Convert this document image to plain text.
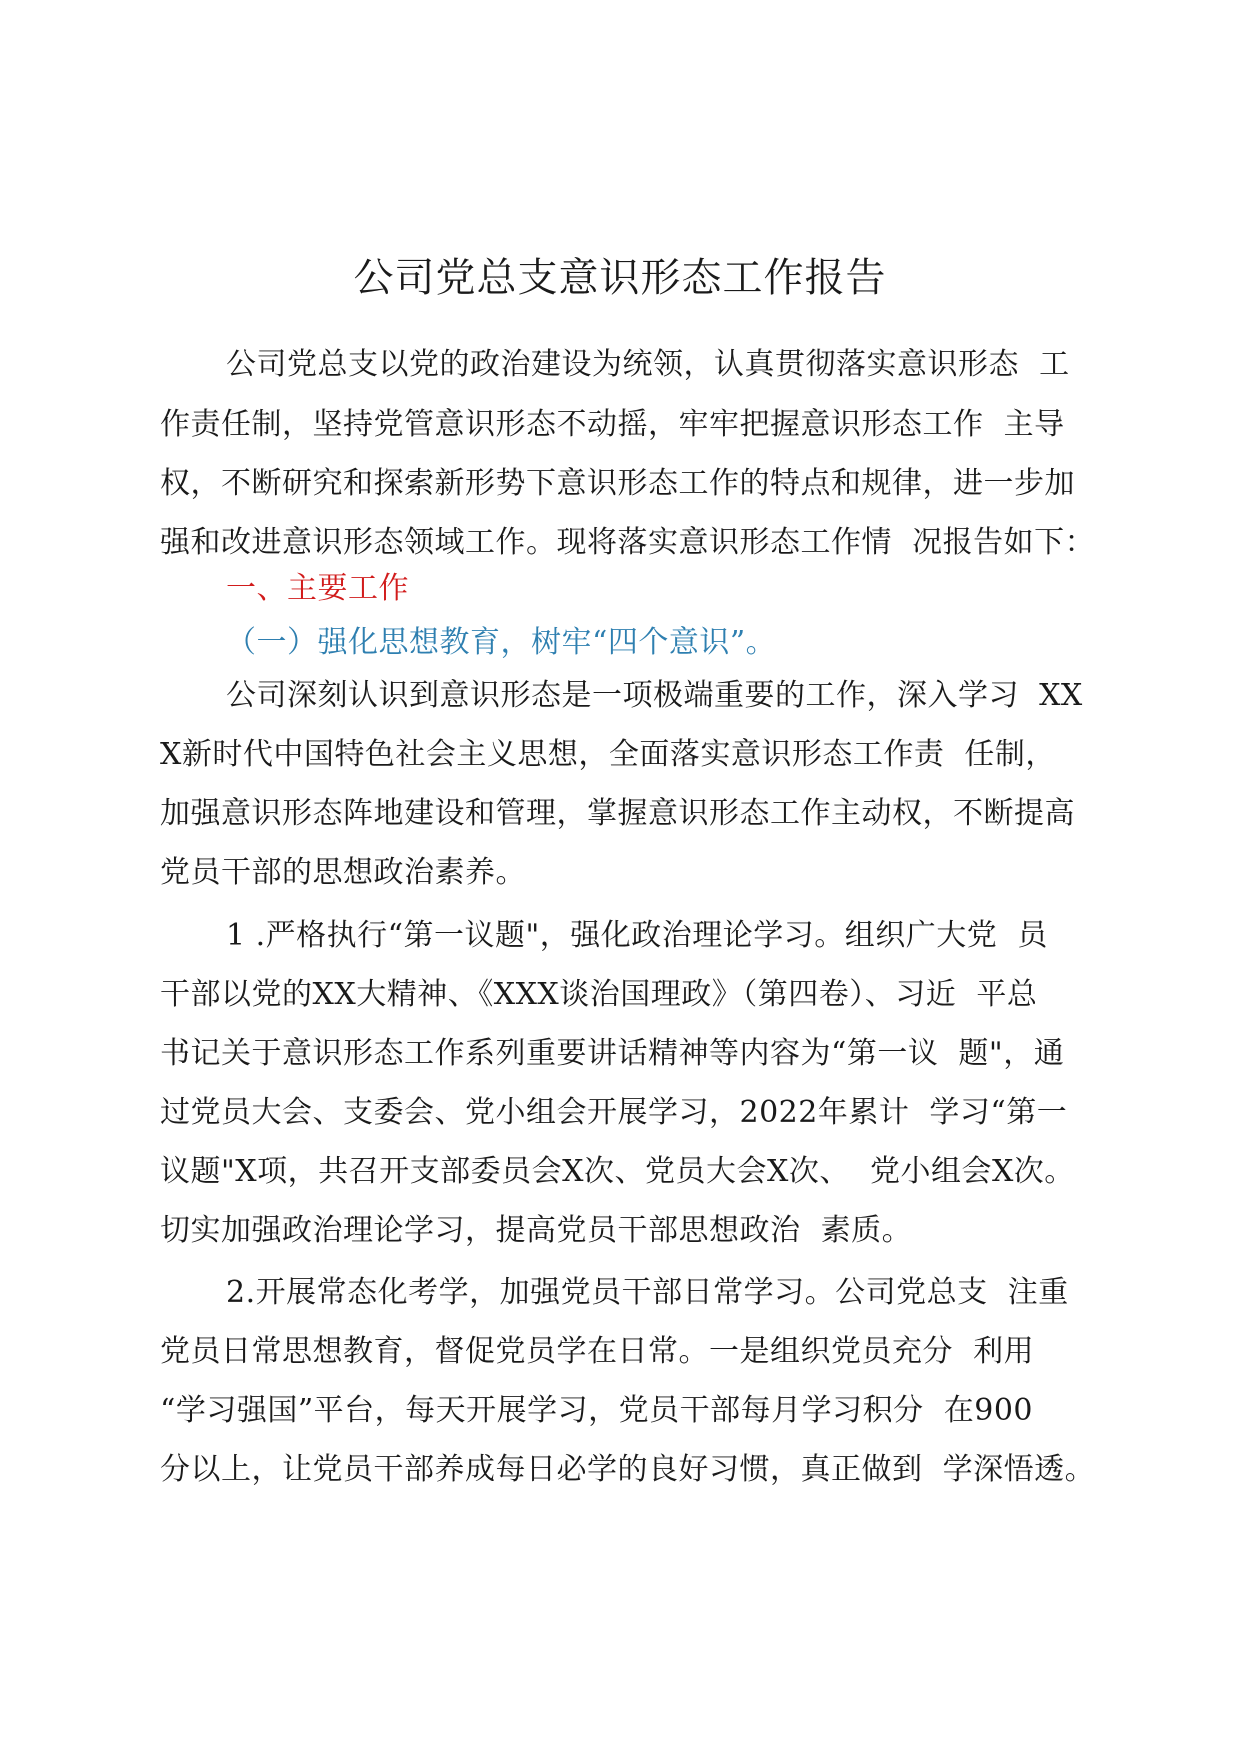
公司党总支意识形态工作报告
公司党总支以党的政治建设为统领，认真贯彻落实意识形态  工
作责任制，坚持党管意识形态不动摇，牢牢把握意识形态工作  主导
权，不断研究和探索新形势下意识形态工作的特点和规律，进一步加
强和改进意识形态领域工作。现将落实意识形态工作情  况报告如下：
一、主要工作
（一）强化思想教育，树牢“四个意识”。
公司深刻认识到意识形态是一项极端重要的工作，深入学习  XX
X新时代中国特色社会主义思想，全面落实意识形态工作责  任制，
加强意识形态阵地建设和管理，掌握意识形态工作主动权，不断提高
党员干部的思想政治素养。
1 .严格执行“第一议题"，强化政治理论学习。组织广大党  员
干部以党的XX大精神、《XXX谈治国理政》（第四卷）、习近  平总
书记关于意识形态工作系列重要讲话精神等内容为“第一议  题"，通
过党员大会、支委会、党小组会开展学习，2022年累计  学习“第一
议题"X项，共召开支部委员会X次、党员大会X次、  党小组会X次。
切实加强政治理论学习，提高党员干部思想政治  素质。
2.开展常态化考学，加强党员干部日常学习。公司党总支  注重
党员日常思想教育，督促党员学在日常。一是组织党员充分  利用
“学习强国”平台，每天开展学习，党员干部每月学习积分  在900
分以上，让党员干部养成每日必学的良好习惯，真正做到  学深悟透。
